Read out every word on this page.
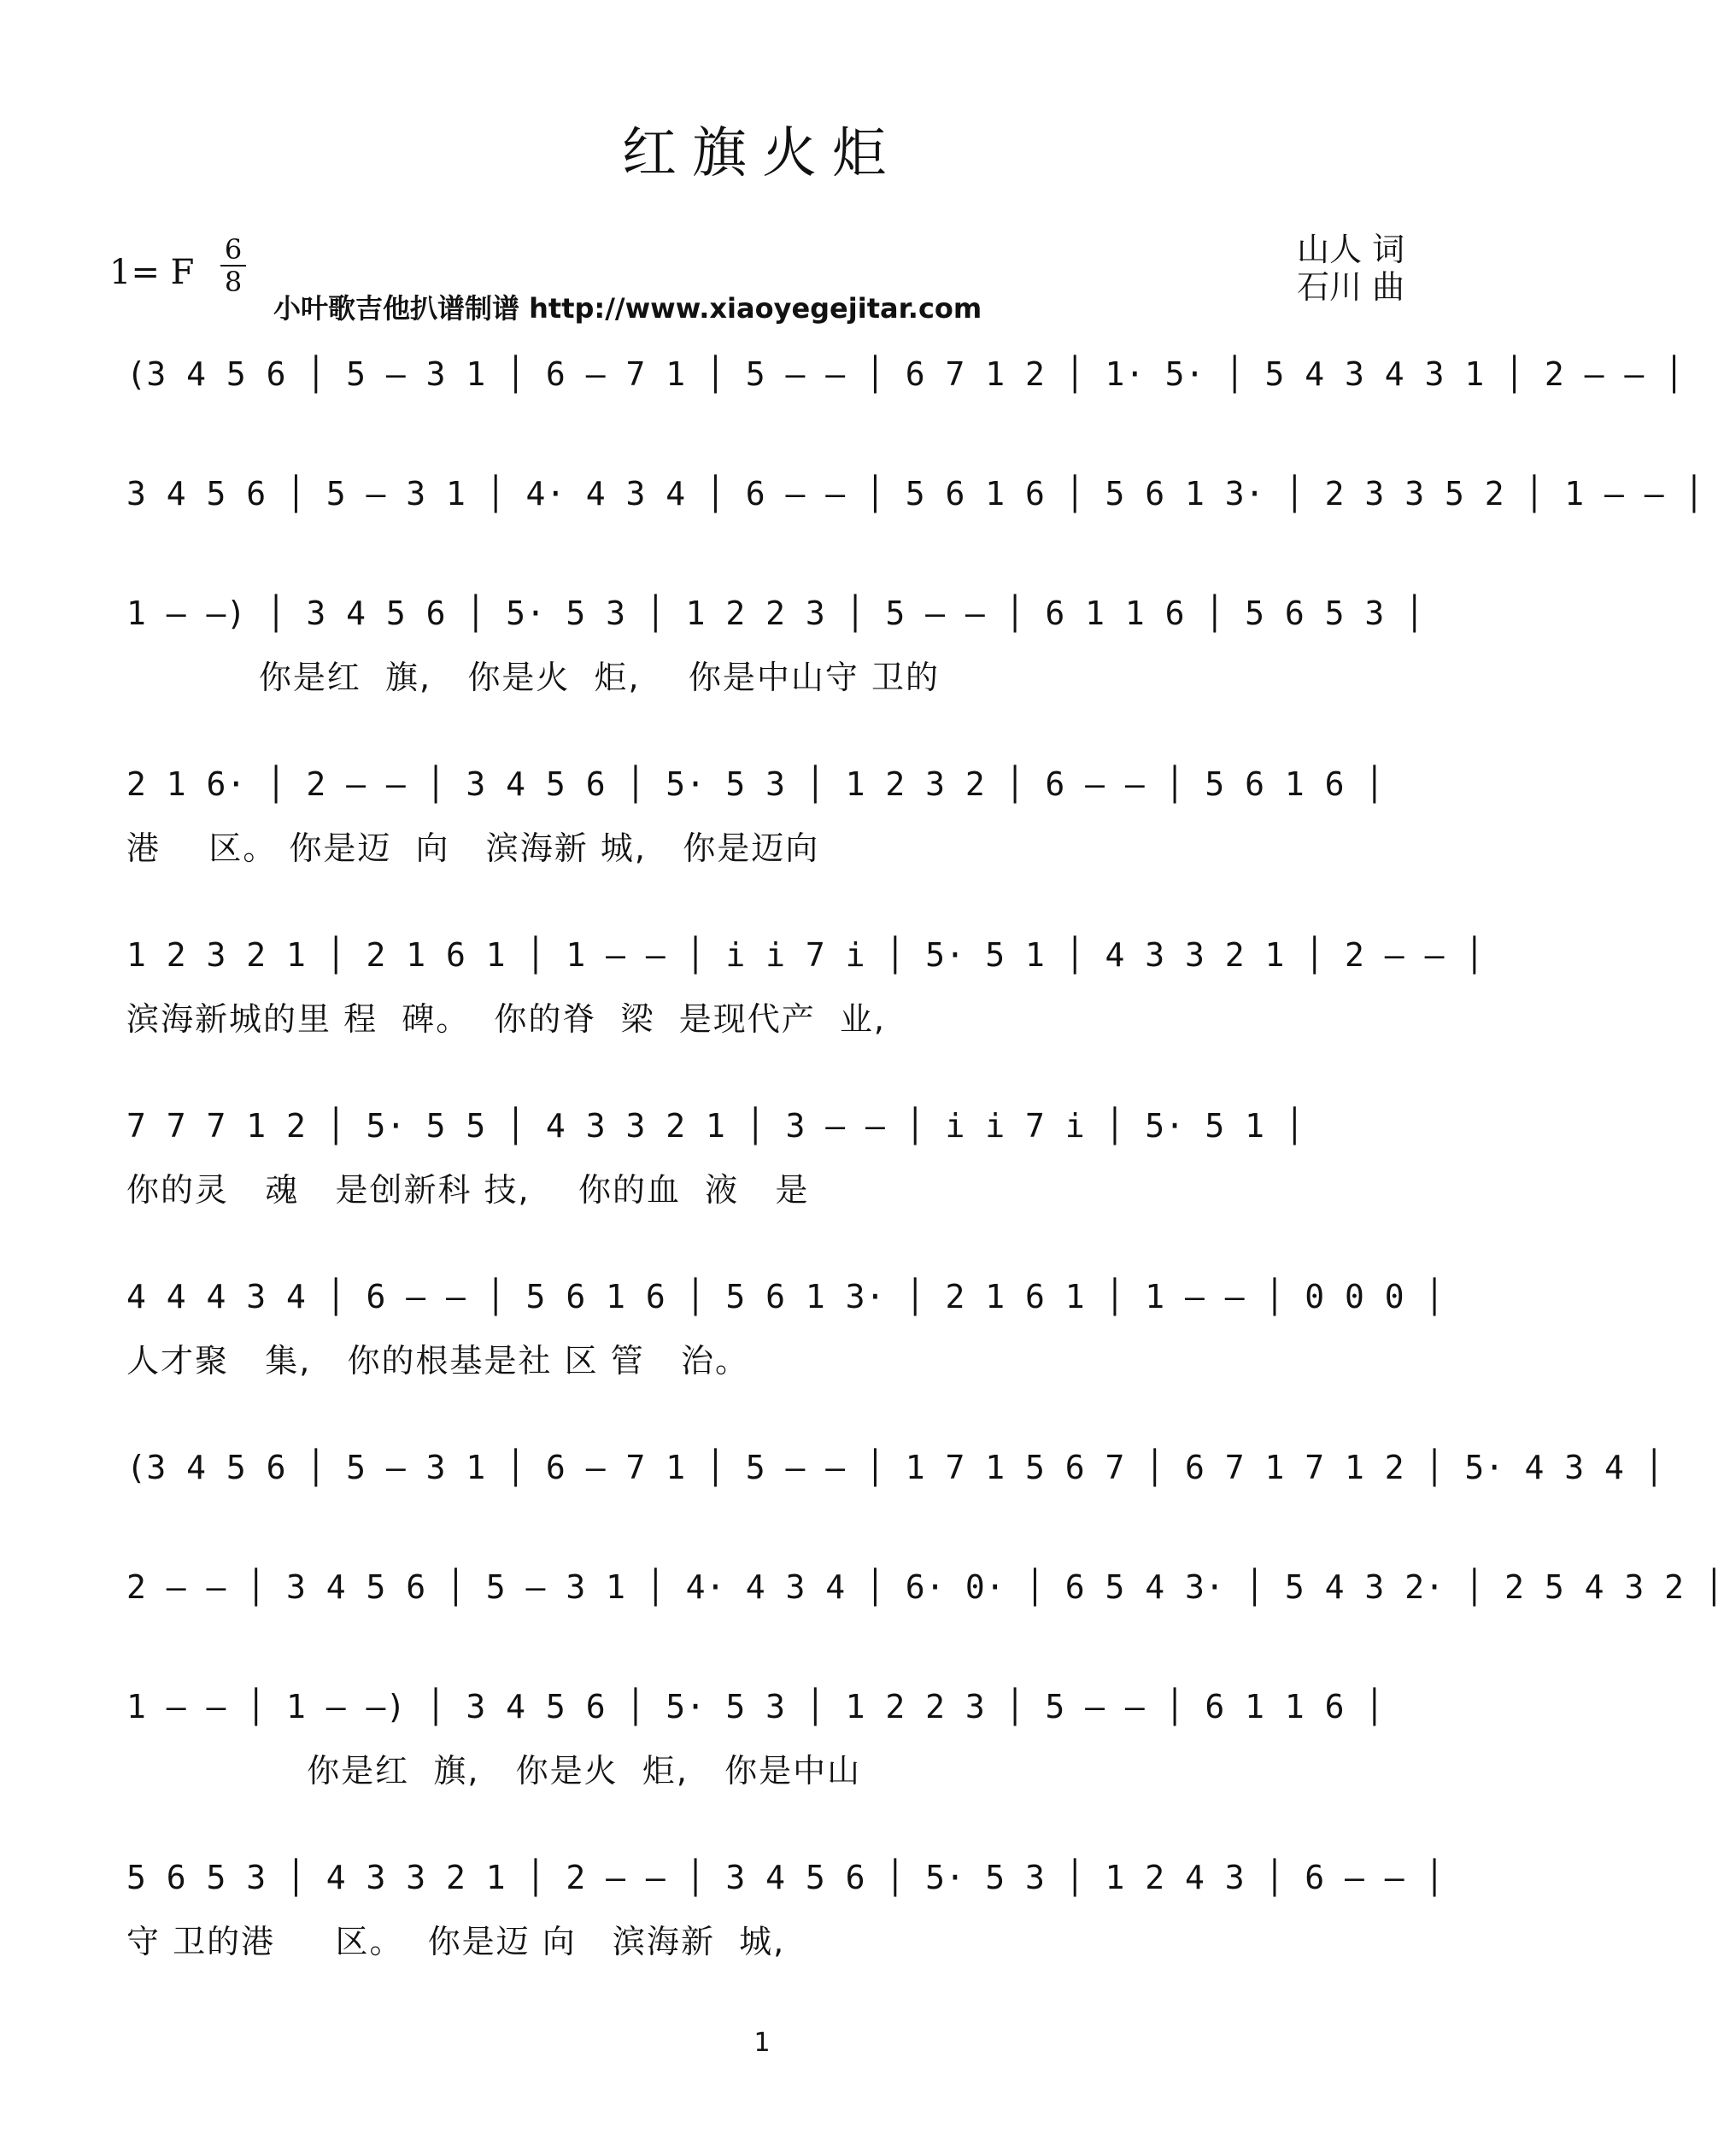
红旗火炬
1= F
6
8
小叶歌吉他扒谱制谱 http://www.xiaoyegejitar.com
山人 词
石川 曲
(3 4 5 6 │ 5 – 3 1 │ 6 – 7 1 │ 5 – – │ 6 7 1 2 │ 1· 5· │ 5 4 3 4 3 1 │ 2 – – │
3 4 5 6 │ 5 – 3 1 │ 4· 4 3 4 │ 6 – – │ 5 6 1 6 │ 5 6 1 3· │ 2 3 3 5 2 │ 1 – – │
1 – –) │ 3 4 5 6 │ 5· 5 3 │ 1 2 2 3 │ 5 – – │ 6 1 1 6 │ 5 6 5 3 │
你是红  旗,   你是火  炬,    你是中山守 卫的
2 1 6· │ 2 – – │ 3 4 5 6 │ 5· 5 3 │ 1 2 3 2 │ 6 – – │ 5 6 1 6 │
港    区。 你是迈  向   滨海新 城,   你是迈向
1 2 3 2 1 │ 2 1 6 1 │ 1 – – │ i i 7 i │ 5· 5 1 │ 4 3 3 2 1 │ 2 – – │
滨海新城的里 程  碑。  你的脊  梁  是现代产  业,
7 7 7 1 2 │ 5· 5 5 │ 4 3 3 2 1 │ 3 – – │ i i 7 i │ 5· 5 1 │
你的灵   魂   是创新科 技,    你的血  液   是
4 4 4 3 4 │ 6 – – │ 5 6 1 6 │ 5 6 1 3· │ 2 1 6 1 │ 1 – – │ 0 0 0 │
人才聚   集,   你的根基是社 区 管   治。
(3 4 5 6 │ 5 – 3 1 │ 6 – 7 1 │ 5 – – │ 1 7 1 5 6 7 │ 6 7 1 7 1 2 │ 5· 4 3 4 │
2 – – │ 3 4 5 6 │ 5 – 3 1 │ 4· 4 3 4 │ 6· 0· │ 6 5 4 3· │ 5 4 3 2· │ 2 5 4 3 2 │
1 – – │ 1 – –) │ 3 4 5 6 │ 5· 5 3 │ 1 2 2 3 │ 5 – – │ 6 1 1 6 │
你是红  旗,   你是火  炬,   你是中山
5 6 5 3 │ 4 3 3 2 1 │ 2 – – │ 3 4 5 6 │ 5· 5 3 │ 1 2 4 3 │ 6 – – │
守 卫的港     区。  你是迈 向   滨海新  城,
1
